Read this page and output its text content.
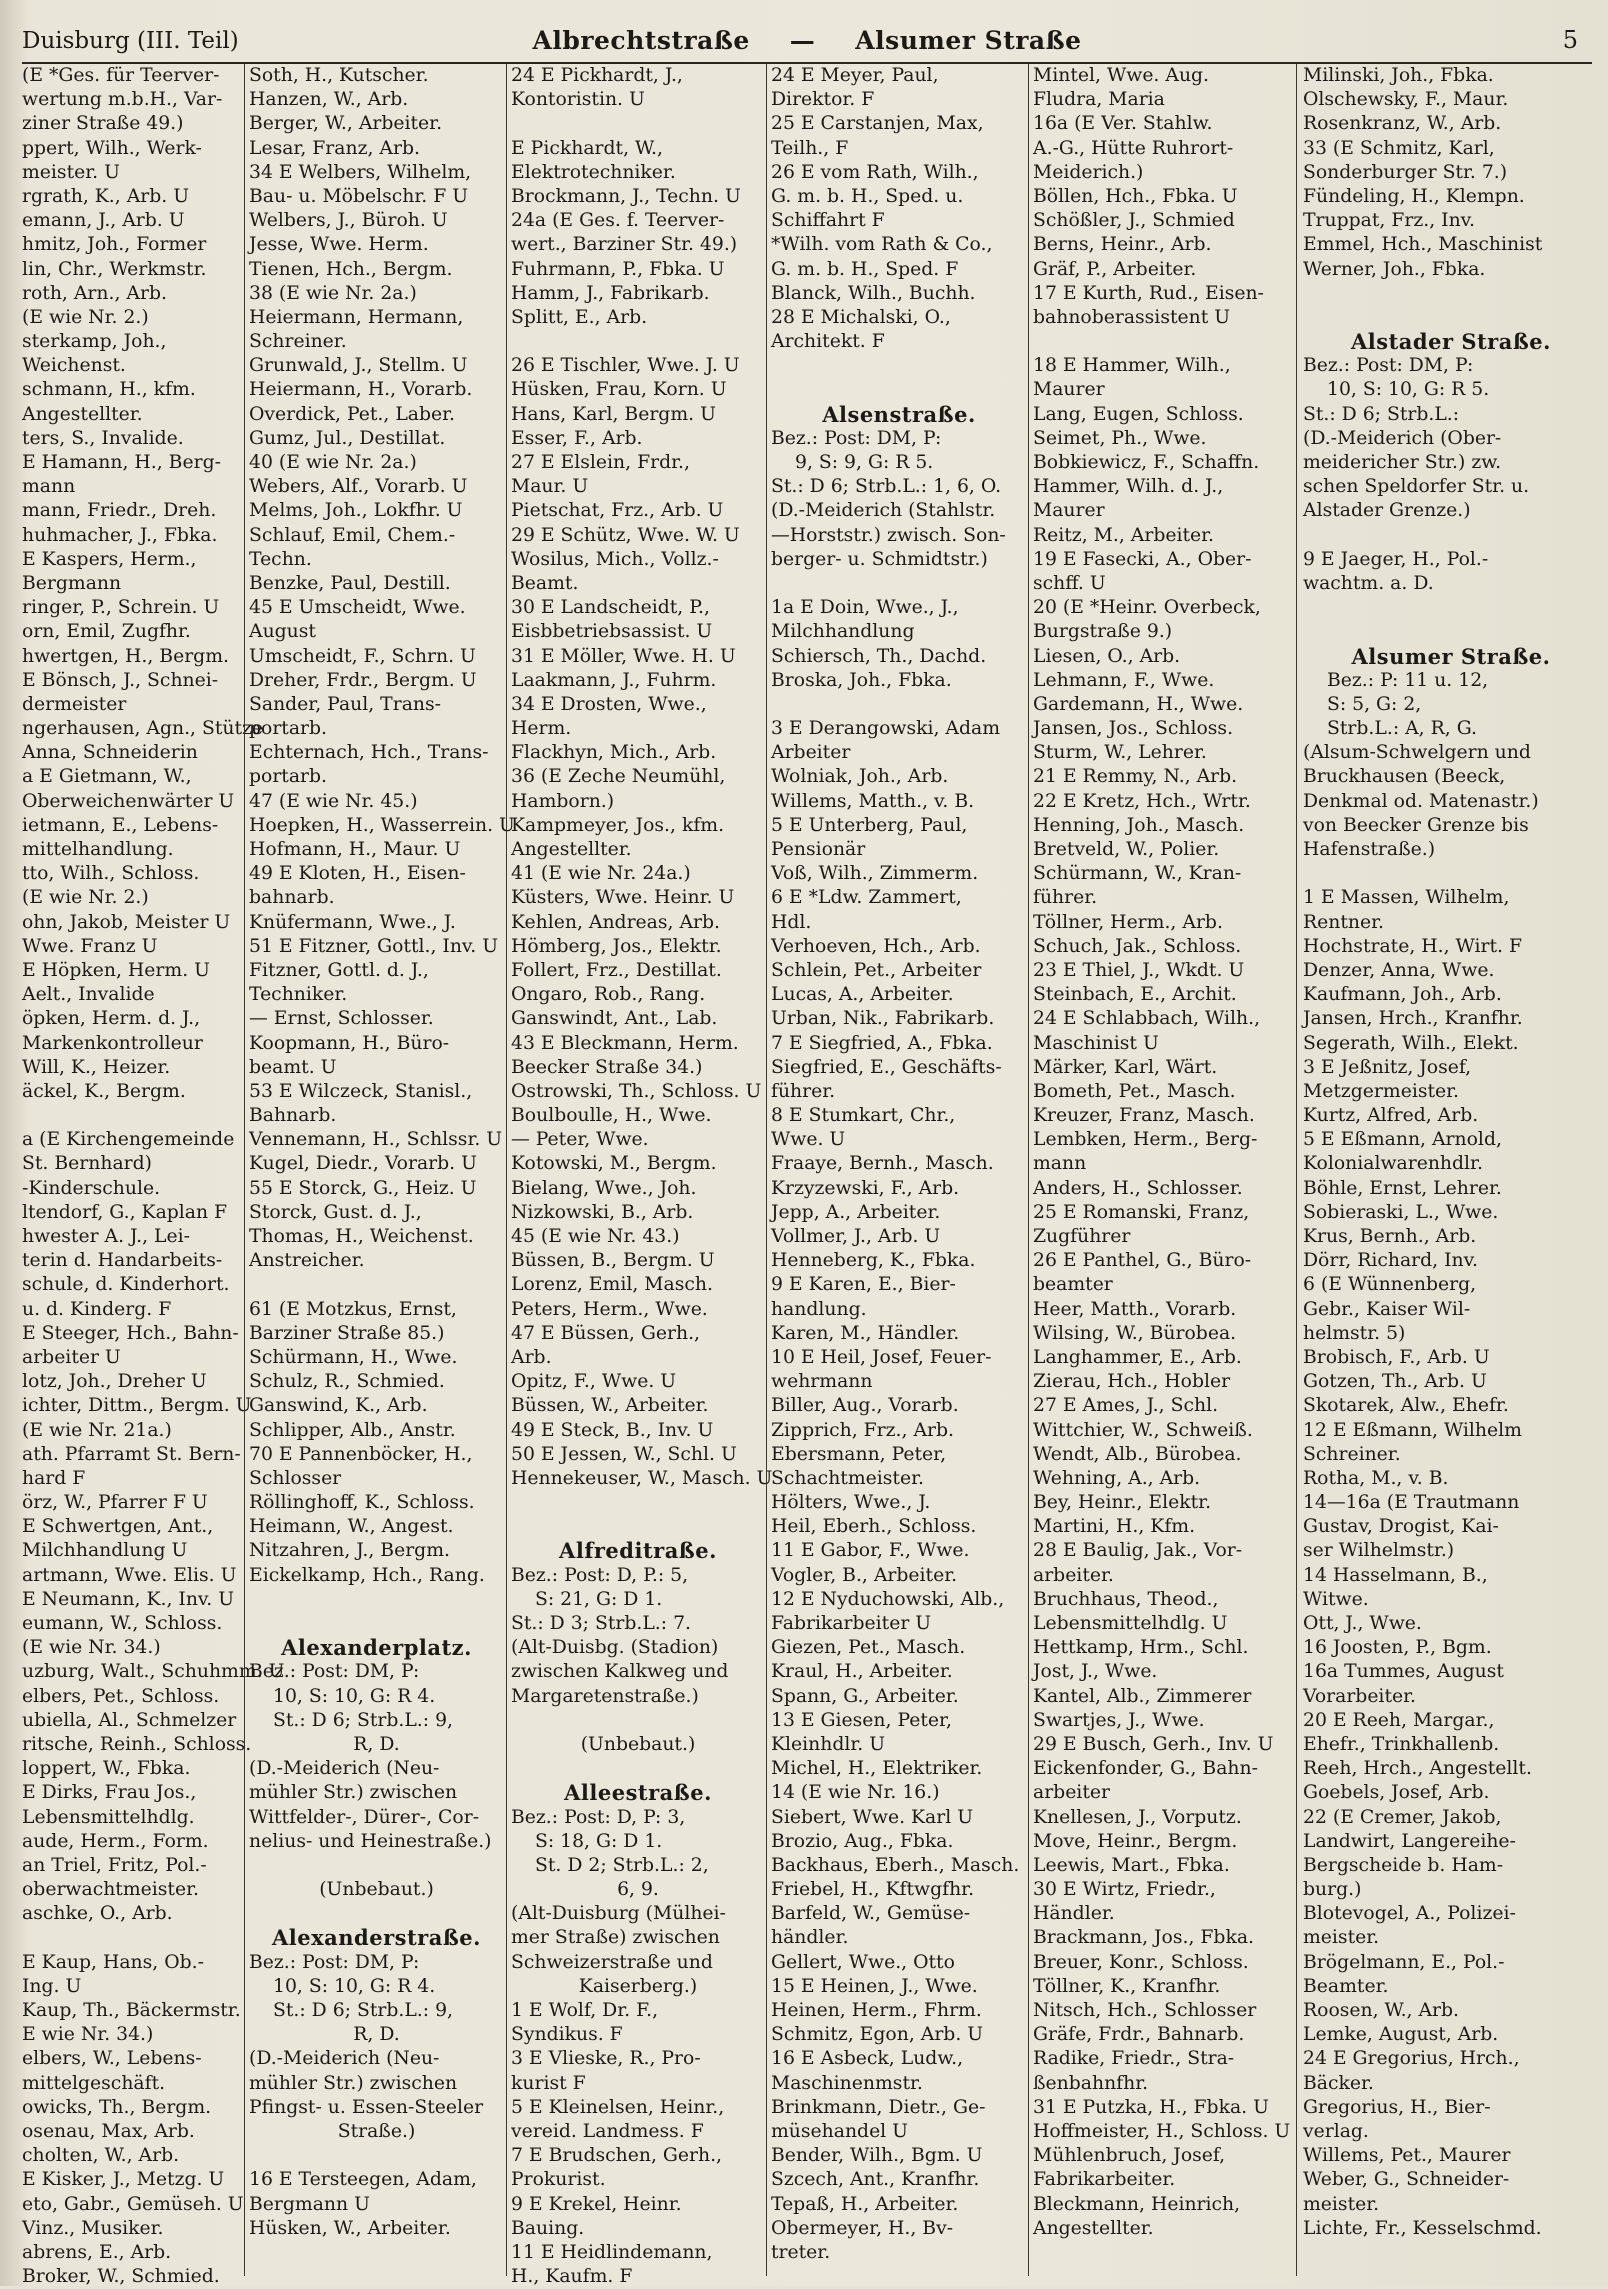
Duisburg (III. Teil)	Albrechtstraße — Alsumer Straße	5
(E *Ges. für Teerver-
wertung m.b.H., Var-
ziner Straße 49.)
ppert, Wilh., Werk-
meister. U
rgrath, K., Arb. U
emann, J., Arb. U
hmitz, Joh., Former
lin, Chr., Werkmstr.
roth, Arn., Arb.
(E wie Nr. 2.)
sterkamp, Joh.,
Weichenst.
schmann, H., kfm.
Angestellter.
ters, S., Invalide.
E Hamann, H., Berg-
mann
mann, Friedr., Dreh.
huhmacher, J., Fbka.
E Kaspers, Herm.,
Bergmann
ringer, P., Schrein. U
orn, Emil, Zugfhr.
hwertgen, H., Bergm.
E Bönsch, J., Schnei-
dermeister
ngerhausen, Agn., Stütze
Anna, Schneiderin
a E Gietmann, W.,
Oberweichenwärter U
ietmann, E., Lebens-
mittelhandlung.
tto, Wilh., Schloss.
(E wie Nr. 2.)
ohn, Jakob, Meister U
Wwe. Franz U
E Höpken, Herm. U
Aelt., Invalide
öpken, Herm. d. J.,
Markenkontrolleur
Will, K., Heizer.
äckel, K., Bergm.
a (E Kirchengemeinde
St. Bernhard)
-Kinderschule.
ltendorf, G., Kaplan F
hwester A. J., Lei-
terin d. Handarbeits-
schule, d. Kinderhort.
u. d. Kinderg. F
E Steeger, Hch., Bahn-
arbeiter U
lotz, Joh., Dreher U
ichter, Dittm., Bergm. U
(E wie Nr. 21a.)
ath. Pfarramt St. Bern-
hard F
örz, W., Pfarrer F U
E Schwertgen, Ant.,
Milchhandlung U
artmann, Wwe. Elis. U
E Neumann, K., Inv. U
eumann, W., Schloss.
(E wie Nr. 34.)
uzburg, Walt., Schuhmm. U
elbers, Pet., Schloss.
ubiella, Al., Schmelzer
ritsche, Reinh., Schloss.
loppert, W., Fbka.
E Dirks, Frau Jos.,
Lebensmittelhdlg.
aude, Herm., Form.
an Triel, Fritz, Pol.-
oberwachtmeister.
aschke, O., Arb.
E Kaup, Hans, Ob.-
Ing. U
Kaup, Th., Bäckermstr.
E wie Nr. 34.)
elbers, W., Lebens-
mittelgeschäft.
owicks, Th., Bergm.
osenau, Max, Arb.
cholten, W., Arb.
E Kisker, J., Metzg. U
eto, Gabr., Gemüseh. U
Vinz., Musiker.
abrens, E., Arb.
Broker, W., Schmied.
Soth, H., Kutscher.
Hanzen, W., Arb.
Berger, W., Arbeiter.
Lesar, Franz, Arb.
34 E Welbers, Wilhelm,
Bau- u. Möbelschr. F U
Welbers, J., Büroh. U
Jesse, Wwe. Herm.
Tienen, Hch., Bergm.
38 (E wie Nr. 2a.)
Heiermann, Hermann,
Schreiner.
Grunwald, J., Stellm. U
Heiermann, H., Vorarb.
Overdick, Pet., Laber.
Gumz, Jul., Destillat.
40 (E wie Nr. 2a.)
Webers, Alf., Vorarb. U
Melms, Joh., Lokfhr. U
Schlauf, Emil, Chem.-
Techn.
Benzke, Paul, Destill.
45 E Umscheidt, Wwe.
August
Umscheidt, F., Schrn. U
Dreher, Frdr., Bergm. U
Sander, Paul, Trans-
portarb.
Echternach, Hch., Trans-
portarb.
47 (E wie Nr. 45.)
Hoepken, H., Wasserrein. U
Hofmann, H., Maur. U
49 E Kloten, H., Eisen-
bahnarb.
Knüfermann, Wwe., J.
51 E Fitzner, Gottl., Inv. U
Fitzner, Gottl. d. J.,
Techniker.
— Ernst, Schlosser.
Koopmann, H., Büro-
beamt. U
53 E Wilczeck, Stanisl.,
Bahnarb.
Vennemann, H., Schlssr. U
Kugel, Diedr., Vorarb. U
55 E Storck, G., Heiz. U
Storck, Gust. d. J.,
Thomas, H., Weichenst.
Anstreicher.
61 (E Motzkus, Ernst,
Barziner Straße 85.)
Schürmann, H., Wwe.
Schulz, R., Schmied.
Ganswind, K., Arb.
Schlipper, Alb., Anstr.
70 E Pannenböcker, H.,
Schlosser
Röllinghoff, K., Schloss.
Heimann, W., Angest.
Nitzahren, J., Bergm.
Eickelkamp, Hch., Rang.
Alexanderplatz.
Bez.: Post: DM, P:
10, S: 10, G: R 4.
St.: D 6; Strb.L.: 9,
R, D.
(D.-Meiderich (Neu-
mühler Str.) zwischen
Wittfelder-, Dürer-, Cor-
nelius- und Heinestraße.)
(Unbebaut.)
Alexanderstraße.
Bez.: Post: DM, P:
10, S: 10, G: R 4.
St.: D 6; Strb.L.: 9,
R, D.
(D.-Meiderich (Neu-
mühler Str.) zwischen
Pfingst- u. Essen-Steeler
Straße.)
16 E Tersteegen, Adam,
Bergmann U
Hüsken, W., Arbeiter.
24 E Pickhardt, J.,
Kontoristin. U
E Pickhardt, W.,
Elektrotechniker.
Brockmann, J., Techn. U
24a (E Ges. f. Teerver-
wert., Barziner Str. 49.)
Fuhrmann, P., Fbka. U
Hamm, J., Fabrikarb.
Splitt, E., Arb.
26 E Tischler, Wwe. J. U
Hüsken, Frau, Korn. U
Hans, Karl, Bergm. U
Esser, F., Arb.
27 E Elslein, Frdr.,
Maur. U
Pietschat, Frz., Arb. U
29 E Schütz, Wwe. W. U
Wosilus, Mich., Vollz.-
Beamt.
30 E Landscheidt, P.,
Eisbbetriebsassist. U
31 E Möller, Wwe. H. U
Laakmann, J., Fuhrm.
34 E Drosten, Wwe.,
Herm.
Flackhyn, Mich., Arb.
36 (E Zeche Neumühl,
Hamborn.)
Kampmeyer, Jos., kfm.
Angestellter.
41 (E wie Nr. 24a.)
Küsters, Wwe. Heinr. U
Kehlen, Andreas, Arb.
Hömberg, Jos., Elektr.
Follert, Frz., Destillat.
Ongaro, Rob., Rang.
Ganswindt, Ant., Lab.
43 E Bleckmann, Herm.
Beecker Straße 34.)
Ostrowski, Th., Schloss. U
Boulboulle, H., Wwe.
— Peter, Wwe.
Kotowski, M., Bergm.
Bielang, Wwe., Joh.
Nizkowski, B., Arb.
45 (E wie Nr. 43.)
Büssen, B., Bergm. U
Lorenz, Emil, Masch.
Peters, Herm., Wwe.
47 E Büssen, Gerh.,
Arb.
Opitz, F., Wwe. U
Büssen, W., Arbeiter.
49 E Steck, B., Inv. U
50 E Jessen, W., Schl. U
Hennekeuser, W., Masch. U
Alfreditraße.
Bez.: Post: D, P.: 5,
S: 21, G: D 1.
St.: D 3; Strb.L.: 7.
(Alt-Duisbg. (Stadion)
zwischen Kalkweg und
Margaretenstraße.)
(Unbebaut.)
Alleestraße.
Bez.: Post: D, P: 3,
S: 18, G: D 1.
St. D 2; Strb.L.: 2,
6, 9.
(Alt-Duisburg (Mülhei-
mer Straße) zwischen
Schweizerstraße und
Kaiserberg.)
1 E Wolf, Dr. F.,
Syndikus. F
3 E Vlieske, R., Pro-
kurist F
5 E Kleinelsen, Heinr.,
vereid. Landmess. F
7 E Brudschen, Gerh.,
Prokurist.
9 E Krekel, Heinr.
Bauing.
11 E Heidlindemann,
H., Kaufm. F
24 E Meyer, Paul,
Direktor. F
25 E Carstanjen, Max,
Teilh., F
26 E vom Rath, Wilh.,
G. m. b. H., Sped. u.
Schiffahrt F
*Wilh. vom Rath & Co.,
G. m. b. H., Sped. F
Blanck, Wilh., Buchh.
28 E Michalski, O.,
Architekt. F
Alsenstraße.
Bez.: Post: DM, P:
9, S: 9, G: R 5.
St.: D 6; Strb.L.: 1, 6, O.
(D.-Meiderich (Stahlstr.
—Horststr.) zwisch. Son-
berger- u. Schmidtstr.)
1a E Doin, Wwe., J.,
Milchhandlung
Schiersch, Th., Dachd.
Broska, Joh., Fbka.
3 E Derangowski, Adam
Arbeiter
Wolniak, Joh., Arb.
Willems, Matth., v. B.
5 E Unterberg, Paul,
Pensionär
Voß, Wilh., Zimmerm.
6 E *Ldw. Zammert,
Hdl.
Verhoeven, Hch., Arb.
Schlein, Pet., Arbeiter
Lucas, A., Arbeiter.
Urban, Nik., Fabrikarb.
7 E Siegfried, A., Fbka.
Siegfried, E., Geschäfts-
führer.
8 E Stumkart, Chr.,
Wwe. U
Fraaye, Bernh., Masch.
Krzyzewski, F., Arb.
Jepp, A., Arbeiter.
Vollmer, J., Arb. U
Henneberg, K., Fbka.
9 E Karen, E., Bier-
handlung.
Karen, M., Händler.
10 E Heil, Josef, Feuer-
wehrmann
Biller, Aug., Vorarb.
Zipprich, Frz., Arb.
Ebersmann, Peter,
Schachtmeister.
Hölters, Wwe., J.
Heil, Eberh., Schloss.
11 E Gabor, F., Wwe.
Vogler, B., Arbeiter.
12 E Nyduchowski, Alb.,
Fabrikarbeiter U
Giezen, Pet., Masch.
Kraul, H., Arbeiter.
Spann, G., Arbeiter.
13 E Giesen, Peter,
Kleinhdlr. U
Michel, H., Elektriker.
14 (E wie Nr. 16.)
Siebert, Wwe. Karl U
Brozio, Aug., Fbka.
Backhaus, Eberh., Masch.
Friebel, H., Kftwgfhr.
Barfeld, W., Gemüse-
händler.
Gellert, Wwe., Otto
15 E Heinen, J., Wwe.
Heinen, Herm., Fhrm.
Schmitz, Egon, Arb. U
16 E Asbeck, Ludw.,
Maschinenmstr.
Brinkmann, Dietr., Ge-
müsehandel U
Bender, Wilh., Bgm. U
Szcech, Ant., Kranfhr.
Tepaß, H., Arbeiter.
Obermeyer, H., Bv-
treter.
Mintel, Wwe. Aug.
Fludra, Maria
16a (E Ver. Stahlw.
A.-G., Hütte Ruhrort-
Meiderich.)
Böllen, Hch., Fbka. U
Schößler, J., Schmied
Berns, Heinr., Arb.
Gräf, P., Arbeiter.
17 E Kurth, Rud., Eisen-
bahnoberassistent U
18 E Hammer, Wilh.,
Maurer
Lang, Eugen, Schloss.
Seimet, Ph., Wwe.
Bobkiewicz, F., Schaffn.
Hammer, Wilh. d. J.,
Maurer
Reitz, M., Arbeiter.
19 E Fasecki, A., Ober-
schff. U
20 (E *Heinr. Overbeck,
Burgstraße 9.)
Liesen, O., Arb.
Lehmann, F., Wwe.
Gardemann, H., Wwe.
Jansen, Jos., Schloss.
Sturm, W., Lehrer.
21 E Remmy, N., Arb.
22 E Kretz, Hch., Wrtr.
Henning, Joh., Masch.
Bretveld, W., Polier.
Schürmann, W., Kran-
führer.
Töllner, Herm., Arb.
Schuch, Jak., Schloss.
23 E Thiel, J., Wkdt. U
Steinbach, E., Archit.
24 E Schlabbach, Wilh.,
Maschinist U
Märker, Karl, Wärt.
Bometh, Pet., Masch.
Kreuzer, Franz, Masch.
Lembken, Herm., Berg-
mann
Anders, H., Schlosser.
25 E Romanski, Franz,
Zugführer
26 E Panthel, G., Büro-
beamter
Heer, Matth., Vorarb.
Wilsing, W., Bürobea.
Langhammer, E., Arb.
Zierau, Hch., Hobler
27 E Ames, J., Schl.
Wittchier, W., Schweiß.
Wendt, Alb., Bürobea.
Wehning, A., Arb.
Bey, Heinr., Elektr.
Martini, H., Kfm.
28 E Baulig, Jak., Vor-
arbeiter.
Bruchhaus, Theod.,
Lebensmittelhdlg. U
Hettkamp, Hrm., Schl.
Jost, J., Wwe.
Kantel, Alb., Zimmerer
Swartjes, J., Wwe.
29 E Busch, Gerh., Inv. U
Eickenfonder, G., Bahn-
arbeiter
Knellesen, J., Vorputz.
Move, Heinr., Bergm.
Leewis, Mart., Fbka.
30 E Wirtz, Friedr.,
Händler.
Brackmann, Jos., Fbka.
Breuer, Konr., Schloss.
Töllner, K., Kranfhr.
Nitsch, Hch., Schlosser
Gräfe, Frdr., Bahnarb.
Radike, Friedr., Stra-
ßenbahnfhr.
31 E Putzka, H., Fbka. U
Hoffmeister, H., Schloss. U
Mühlenbruch, Josef,
Fabrikarbeiter.
Bleckmann, Heinrich,
Angestellter.
Milinski, Joh., Fbka.
Olschewsky, F., Maur.
Rosenkranz, W., Arb.
33 (E Schmitz, Karl,
Sonderburger Str. 7.)
Fündeling, H., Klempn.
Truppat, Frz., Inv.
Emmel, Hch., Maschinist
Werner, Joh., Fbka.
Alstader Straße.
Bez.: Post: DM, P:
10, S: 10, G: R 5.
St.: D 6; Strb.L.:
(D.-Meiderich (Ober-
meidericher Str.) zw.
schen Speldorfer Str. u.
Alstader Grenze.)
9 E Jaeger, H., Pol.-
wachtm. a. D.
Alsumer Straße.
Bez.: P: 11 u. 12,
S: 5, G: 2,
Strb.L.: A, R, G.
(Alsum-Schwelgern und
Bruckhausen (Beeck,
Denkmal od. Matenastr.)
von Beecker Grenze bis
Hafenstraße.)
1 E Massen, Wilhelm,
Rentner.
Hochstrate, H., Wirt. F
Denzer, Anna, Wwe.
Kaufmann, Joh., Arb.
Jansen, Hrch., Kranfhr.
Segerath, Wilh., Elekt.
3 E Jeßnitz, Josef,
Metzgermeister.
Kurtz, Alfred, Arb.
5 E Eßmann, Arnold,
Kolonialwarenhdlr.
Böhle, Ernst, Lehrer.
Sobieraski, L., Wwe.
Krus, Bernh., Arb.
Dörr, Richard, Inv.
6 (E Wünnenberg,
Gebr., Kaiser Wil-
helmstr. 5)
Brobisch, F., Arb. U
Gotzen, Th., Arb. U
Skotarek, Alw., Ehefr.
12 E Eßmann, Wilhelm
Schreiner.
Rotha, M., v. B.
14—16a (E Trautmann
Gustav, Drogist, Kai-
ser Wilhelmstr.)
14 Hasselmann, B.,
Witwe.
Ott, J., Wwe.
16 Joosten, P., Bgm.
16a Tummes, August
Vorarbeiter.
20 E Reeh, Margar.,
Ehefr., Trinkhallenb.
Reeh, Hrch., Angestellt.
Goebels, Josef, Arb.
22 (E Cremer, Jakob,
Landwirt, Langereihe-
Bergscheide b. Ham-
burg.)
Blotevogel, A., Polizei-
meister.
Brögelmann, E., Pol.-
Beamter.
Roosen, W., Arb.
Lemke, August, Arb.
24 E Gregorius, Hrch.,
Bäcker.
Gregorius, H., Bier-
verlag.
Willems, Pet., Maurer
Weber, G., Schneider-
meister.
Lichte, Fr., Kesselschmd.
